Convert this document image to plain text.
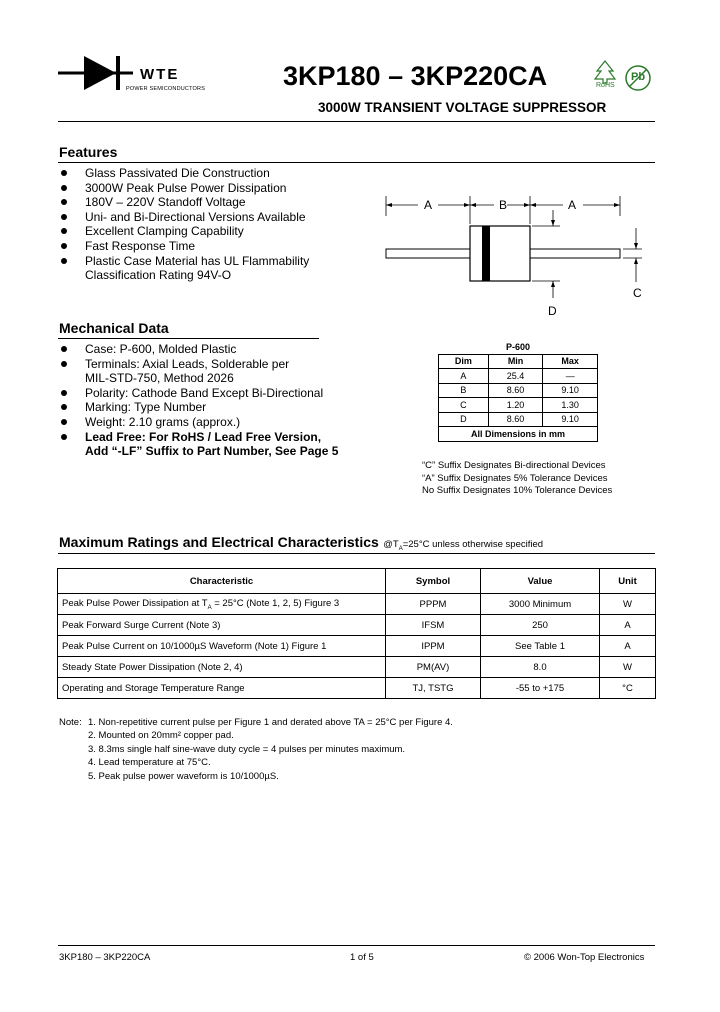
WTE
POWER SEMICONDUCTORS	3KP180 – 3KP220CA	RoHS
Pb
3000W TRANSIENT VOLTAGE SUPPRESSOR
Features
Glass Passivated Die Construction
3000W Peak Pulse Power Dissipation
180V – 220V Standoff Voltage
Uni- and Bi-Directional Versions Available
Excellent Clamping Capability
Fast Response Time
Plastic Case Material has UL Flammability
Classification Rating 94V-O
A	B	A
C
D
Mechanical Data
Case: P-600, Molded Plastic
Terminals: Axial Leads, Solderable per
MIL-STD-750, Method 2026
Polarity: Cathode Band Except Bi-Directional
Marking: Type Number
Weight: 2.10 grams (approx.)
Lead Free: For RoHS / Lead Free Version,
Add “-LF” Suffix to Part Number, See Page 5
P-600		
Dim	Min	Max
A	25.4	—
B	8.60	9.10
C	1.20	1.30
D	8.60	9.10
All Dimensions in mm		
“C” Suffix Designates Bi-directional Devices
“A” Suffix Designates 5% Tolerance Devices
No Suffix Designates 10% Tolerance Devices
Maximum Ratings and Electrical Characteristics $@T_A=25^\circ C$ unless otherwise specified
Characteristic	Symbol	Value	Unit
Peak Pulse Power Dissipation at $T_A = 25^\circ C$ (Note 1, 2, 5) Figure 3	PPPM	3000 Minimum	W
Peak Forward Surge Current (Note 3)	IFSM	250	A
Peak Pulse Current on 10/1000µS Waveform (Note 1) Figure 1	IPPM	See Table 1	A
Steady State Power Dissipation (Note 2, 4)	PM(AV)	8.0	W
Operating and Storage Temperature Range	TJ, TSTG	-55 to +175	°C
Note: 1. Non-repetitive current pulse per Figure 1 and derated above TA = 25°C per Figure 4.
2. Mounted on 20mm² copper pad.
3. 8.3ms single half sine-wave duty cycle = 4 pulses per minutes maximum.
4. Lead temperature at 75°C.
5. Peak pulse power waveform is 10/1000µS.
3KP180 – 3KP220CA	1 of 5	© 2006 Won-Top Electronics
